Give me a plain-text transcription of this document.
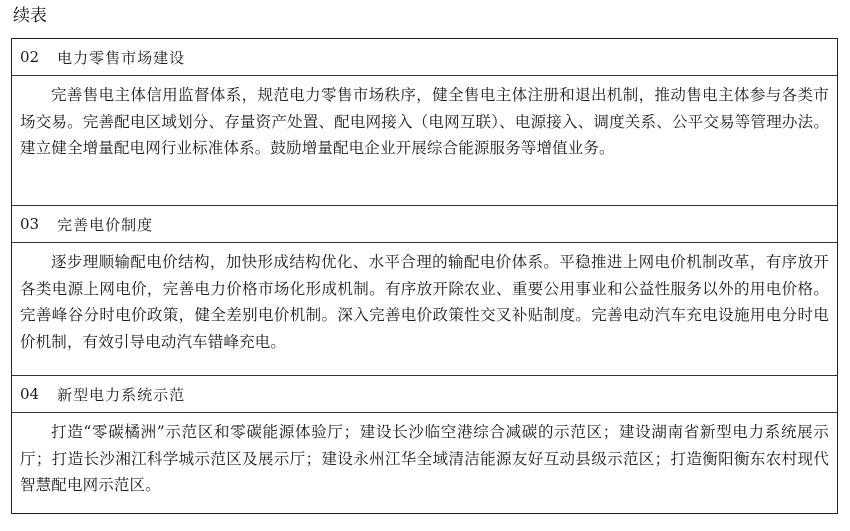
续表
02 电力零售市场建设
完善售电主体信用监督体系，规范电力零售市场秩序，健全售电主体注册和退出机制，推动售电主体参与各类市场交易。完善配电区域划分、存量资产处置、配电网接入（电网互联）、电源接入、调度关系、公平交易等管理办法。建立健全增量配电网行业标准体系。鼓励增量配电企业开展综合能源服务等增值业务。
03 完善电价制度
逐步理顺输配电价结构，加快形成结构优化、水平合理的输配电价体系。平稳推进上网电价机制改革，有序放开各类电源上网电价，完善电力价格市场化形成机制。有序放开除农业、重要公用事业和公益性服务以外的用电价格。完善峰谷分时电价政策，健全差别电价机制。深入完善电价政策性交叉补贴制度。完善电动汽车充电设施用电分时电价机制，有效引导电动汽车错峰充电。
04 新型电力系统示范
打造“零碳橘洲”示范区和零碳能源体验厅；建设长沙临空港综合减碳的示范区；建设湖南省新型电力系统展示厅；打造长沙湘江科学城示范区及展示厅；建设永州江华全域清洁能源友好互动县级示范区；打造衡阳衡东农村现代智慧配电网示范区。
